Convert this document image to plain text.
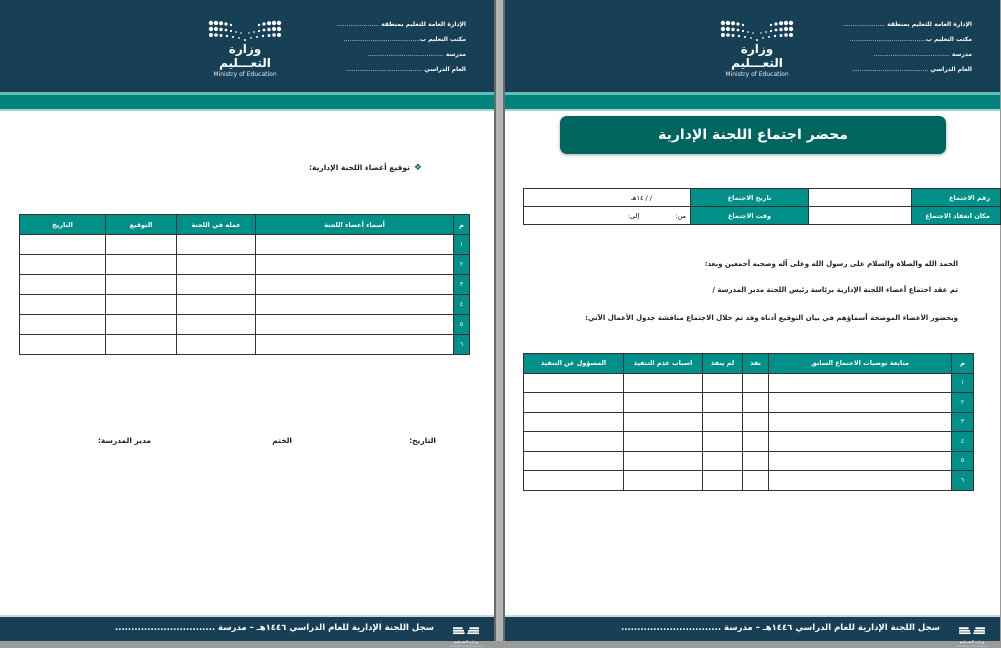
الإدارة العامة للتعليم بمنطقة ......................
مكتب التعليم ب........................................
مدرسة ........................................
العام الدراسي ........................................
وزارة التعـــليم
Ministry of Education
❖توقيع أعضاء اللجنة الإدارية:
م	أسماء أعضاء اللجنة	عمله في اللجنة	التوقيع	التاريخ
١				
٢				
٣				
٤				
٥				
٦				
التاريخ:
الختم
مدير المدرسة:
سجل اللجنة الإدارية للعام الدراسي ١٤٤٦هـ – مدرسة ...............................
وزارة التعـــليم
Ministry of Education
الإدارة العامة للتعليم بمنطقة ......................
مكتب التعليم ب........................................
مدرسة ........................................
العام الدراسي ........................................
وزارة التعـــليم
Ministry of Education
محضر اجتماع اللجنة الإدارية
رقم الاجتماع		تاريخ الاجتماع	/ / ١٤هـ
مكان انعقاد الاجتماع		وقت الاجتماع	من:  إلى:
الحمد الله والصلاة والسلام على رسول الله وعلى آله وصحبه أجمعين وبعد:
تم عقد اجتماع أعضاء اللجنة الإدارية برئاسة رئيس اللجنة مدير المدرسة /
وبحضور الأعضاء الموضحة أسماؤهم في بيان التوقيع أدناه وقد تم خلال الاجتماع مناقشة جدول الأعمال الآتي:
م	متابعة توصيات الاجتماع السابق	نفذ	لم ينفذ	اسباب عدم التنفيذ	المسؤول عن التنفيذ
١					
٢					
٣					
٤					
٥					
٦					
سجل اللجنة الإدارية للعام الدراسي ١٤٤٦هـ – مدرسة ...............................
وزارة التعـــليم
Ministry of Education
